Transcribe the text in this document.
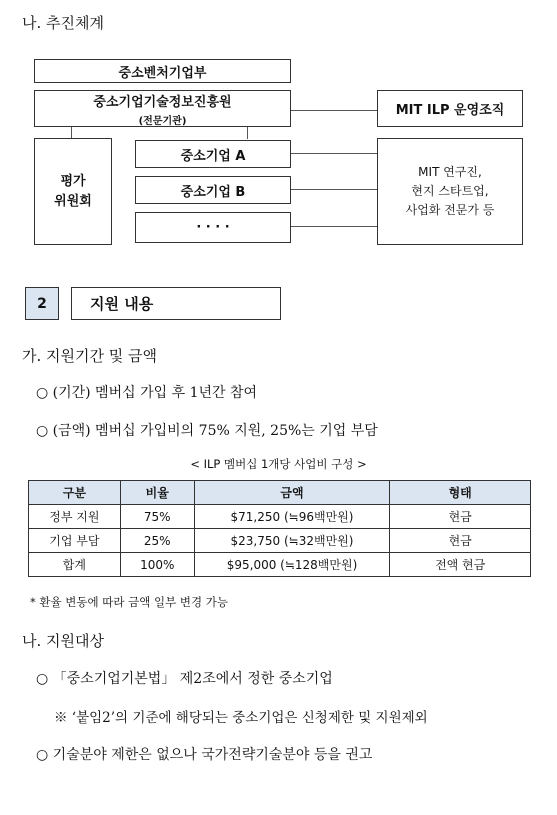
나. 추진체계
중소벤처기업부
중소기업기술정보진흥원
(전문기관)
MIT ILP 운영조직
평가
위원회
중소기업 A
중소기업 B
· · · ·
MIT 연구진,
현지 스타트업,
사업화 전문가 등
2	지원 내용
가. 지원기간 및 금액
○ (기간) 멤버십 가입 후 1년간 참여
○ (금액) 멤버십 가입비의 75% 지원, 25%는 기업 부담
< ILP 멤버십 1개당 사업비 구성 >
구분	비율	금액	형태
정부 지원	75%	$71,250 (≒96백만원)	현금
기업 부담	25%	$23,750 (≒32백만원)	현금
합계	100%	$95,000 (≒128백만원)	전액 현금
* 환율 변동에 따라 금액 일부 변경 가능
나. 지원대상
○ 「중소기업기본법」 제2조에서 정한 중소기업
※ ‘붙임2’의 기준에 해당되는 중소기업은 신청제한 및 지원제외
○ 기술분야 제한은 없으나 국가전략기술분야 등을 권고
